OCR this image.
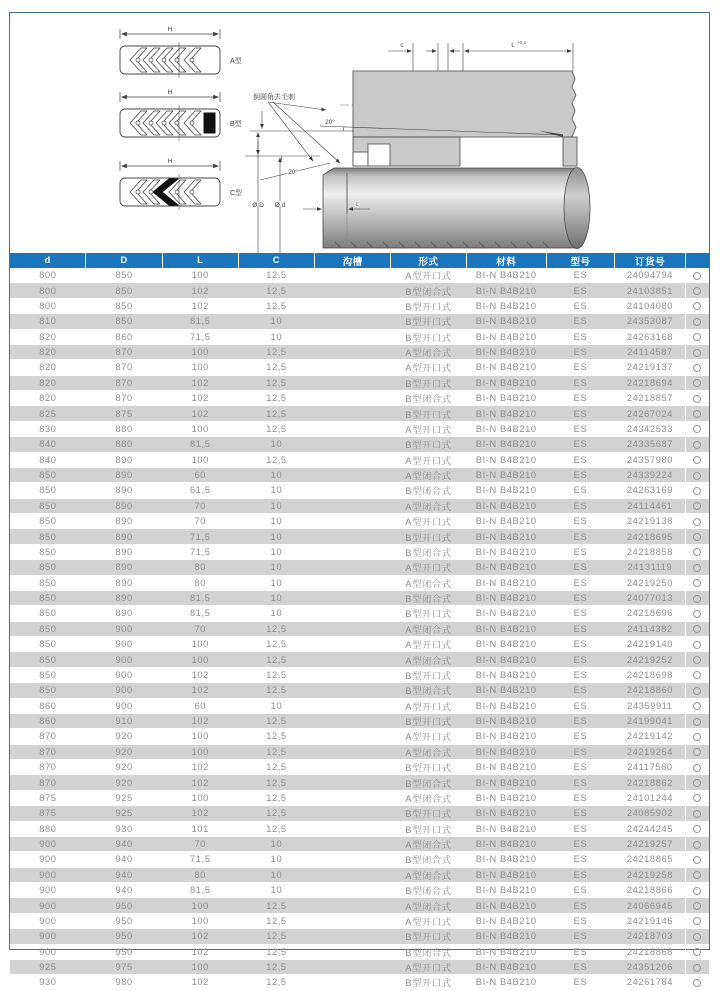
H
A型
H
B型
H
C型
20°
20°
倒圆角去毛刺
Ø D Ø d	c
c	L +0,2
d	D	L	C	沟槽	形式	材料	型号	订货号	
800	850	100	12,5		A型开口式	BI-N B4B210	ES	24094794	
800	850	102	12,5		B型闭合式	BI-N B4B210	ES	24103851	
800	850	102	12,5		B型开口式	BI-N B4B210	ES	24104080	
810	850	81,5	10		B型开口式	BI-N B4B210	ES	24353087	
820	860	71,5	10		B型开口式	BI-N B4B210	ES	24263168	
820	870	100	12,5		A型闭合式	BI-N B4B210	ES	24114587	
820	870	100	12,5		A型开口式	BI-N B4B210	ES	24219137	
820	870	102	12,5		B型开口式	BI-N B4B210	ES	24218694	
820	870	102	12,5		B型闭合式	BI-N B4B210	ES	24218857	
825	875	102	12,5		B型开口式	BI-N B4B210	ES	24267024	
830	880	100	12,5		A型开口式	BI-N B4B210	ES	24342533	
840	880	81,5	10		B型开口式	BI-N B4B210	ES	24335687	
840	890	100	12,5		A型开口式	BI-N B4B210	ES	24357980	
850	890	60	10		A型闭合式	BI-N B4B210	ES	24339224	
850	890	61,5	10		B型闭合式	BI-N B4B210	ES	24263169	
850	890	70	10		A型闭合式	BI-N B4B210	ES	24114461	
850	890	70	10		A型开口式	BI-N B4B210	ES	24219138	
850	890	71,5	10		B型开口式	BI-N B4B210	ES	24218695	
850	890	71,5	10		B型闭合式	BI-N B4B210	ES	24218858	
850	890	80	10		A型开口式	BI-N B4B210	ES	24131119	
850	890	80	10		A型闭合式	BI-N B4B210	ES	24219250	
850	890	81,5	10		B型闭合式	BI-N B4B210	ES	24077013	
850	890	81,5	10		B型开口式	BI-N B4B210	ES	24218696	
850	900	70	12,5		A型闭合式	BI-N B4B210	ES	24114382	
850	900	100	12,5		A型开口式	BI-N B4B210	ES	24219140	
850	900	100	12,5		A型闭合式	BI-N B4B210	ES	24219252	
850	900	102	12,5		B型开口式	BI-N B4B210	ES	24218698	
850	900	102	12,5		B型闭合式	BI-N B4B210	ES	24218860	
860	900	60	10		A型开口式	BI-N B4B210	ES	24359911	
860	910	102	12,5		B型开口式	BI-N B4B210	ES	24199041	
870	920	100	12,5		A型开口式	BI-N B4B210	ES	24219142	
870	920	100	12,5		A型闭合式	BI-N B4B210	ES	24219254	
870	920	102	12,5		B型开口式	BI-N B4B210	ES	24117560	
870	920	102	12,5		B型闭合式	BI-N B4B210	ES	24218862	
875	925	100	12,5		A型闭合式	BI-N B4B210	ES	24101244	
875	925	102	12,5		B型开口式	BI-N B4B210	ES	24085902	
880	930	101	12,5		B型开口式	BI-N B4B210	ES	24244245	
900	940	70	10		A型闭合式	BI-N B4B210	ES	24219257	
900	940	71,5	10		B型闭合式	BI-N B4B210	ES	24218865	
900	940	80	10		A型闭合式	BI-N B4B210	ES	24219258	
900	940	81,5	10		B型闭合式	BI-N B4B210	ES	24218866	
900	950	100	12,5		A型闭合式	BI-N B4B210	ES	24066945	
900	950	100	12,5		A型开口式	BI-N B4B210	ES	24219146	
900	950	102	12,5		B型开口式	BI-N B4B210	ES	24218703	
900	950	102	12,5		B型闭合式	BI-N B4B210	ES	24218868	
925	975	100	12,5		A型开口式	BI-N B4B210	ES	24351206	
930	980	102	12,5		B型开口式	BI-N B4B210	ES	24261784	
